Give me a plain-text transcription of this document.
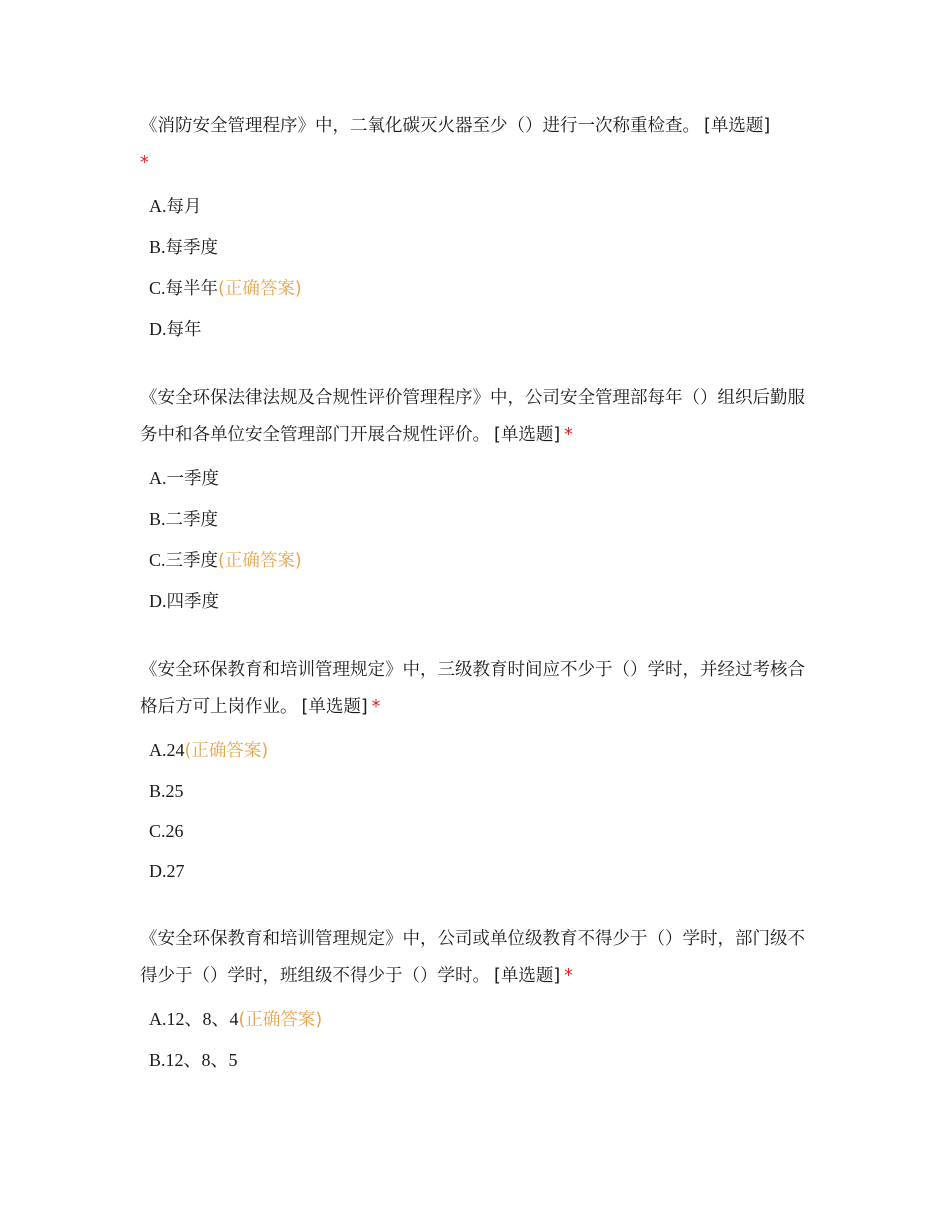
《消防安全管理程序》中，二氧化碳灭火器至少（）进行一次称重检查。 [单选题]
*

A.每月
B.每季度
C.每半年(正确答案)
D.每年

《安全环保法律法规及合规性评价管理程序》中，公司安全管理部每年（）组织后勤服务中和各单位安全管理部门开展合规性评价。 [单选题] *

A.一季度
B.二季度
C.三季度(正确答案)
D.四季度

《安全环保教育和培训管理规定》中，三级教育时间应不少于（）学时，并经过考核合格后方可上岗作业。 [单选题] *

A.24(正确答案)
B.25
C.26
D.27

《安全环保教育和培训管理规定》中，公司或单位级教育不得少于（）学时，部门级不得少于（）学时，班组级不得少于（）学时。 [单选题] *

A.12、8、4(正确答案)
B.12、8、5
